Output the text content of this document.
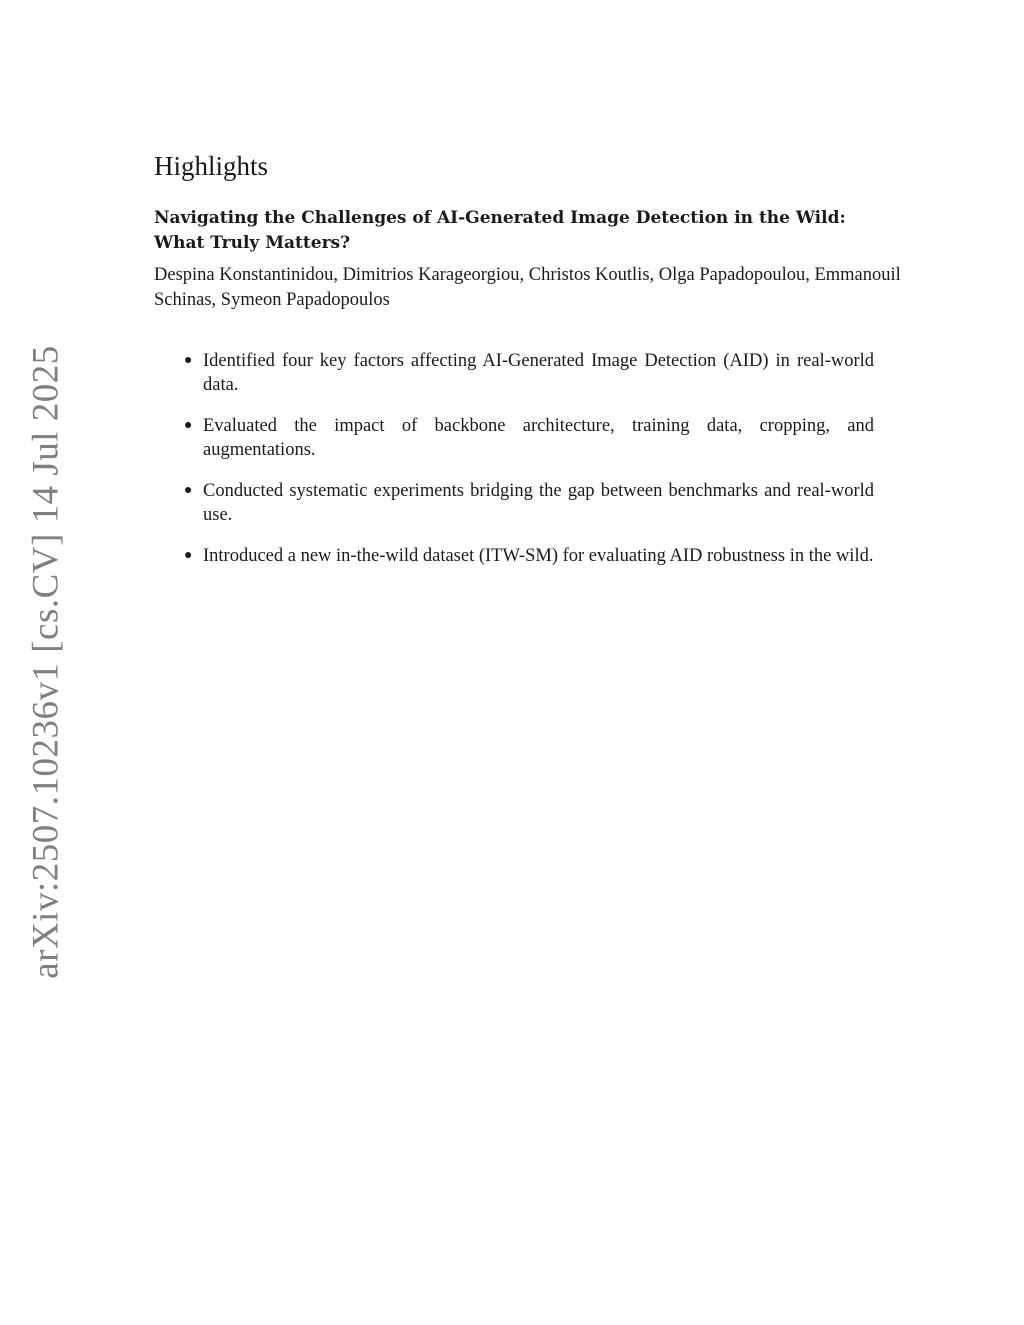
arXiv:2507.10236v1 [cs.CV] 14 Jul 2025
Highlights
Navigating the Challenges of AI-Generated Image Detection in the Wild: What Truly Matters?

Despina Konstantinidou, Dimitrios Karageorgiou, Christos Koutlis, Olga Papadopoulou, Emmanouil Schinas, Symeon Papadopoulos

● Identified four key factors affecting AI-Generated Image Detection (AID) in real-world data.
● Evaluated the impact of backbone architecture, training data, cropping, and augmentations.
● Conducted systematic experiments bridging the gap between benchmarks and real-world use.
● Introduced a new in-the-wild dataset (ITW-SM) for evaluating AID robustness in the wild.
